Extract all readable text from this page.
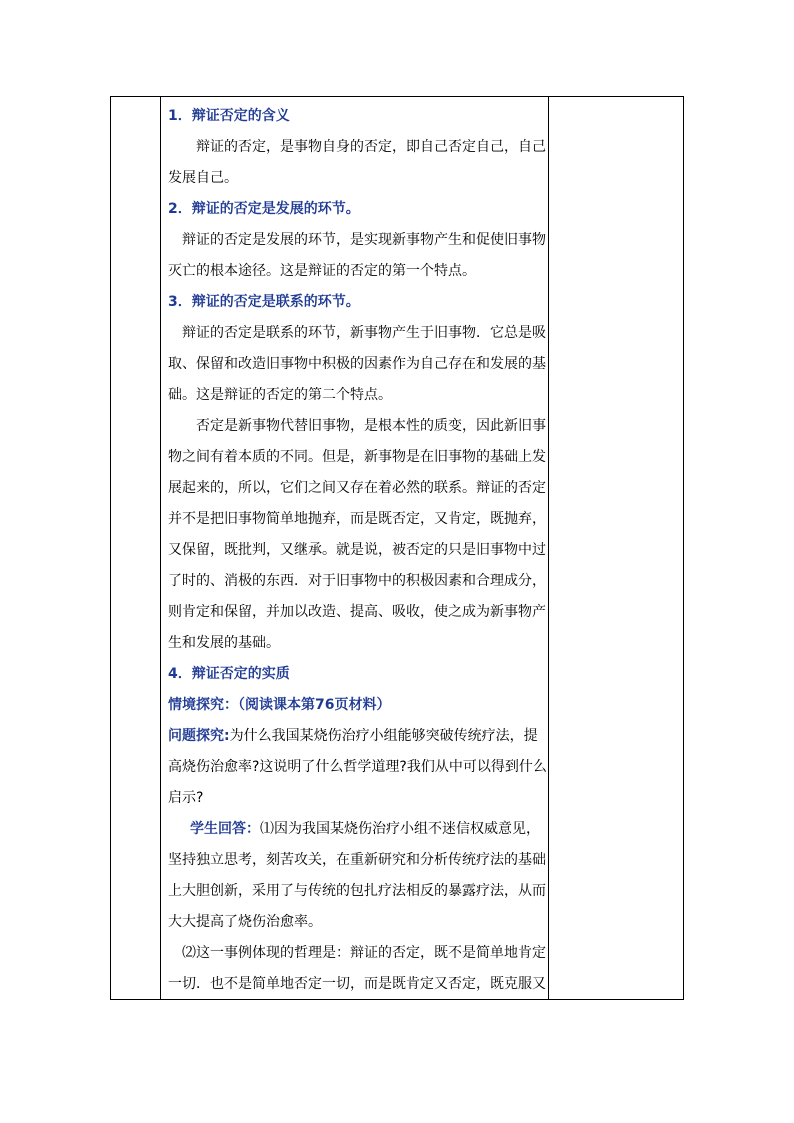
1．辩证否定的含义

辩证的否定，是事物自身的否定，即自己否定自己，自己发展自己。

2．辩证的否定是发展的环节。

辩证的否定是发展的环节，是实现新事物产生和促使旧事物灭亡的根本途径。这是辩证的否定的第一个特点。

3．辩证的否定是联系的环节。

辩证的否定是联系的环节，新事物产生于旧事物．它总是吸取、保留和改造旧事物中积极的因素作为自己存在和发展的基础。这是辩证的否定的第二个特点。

否定是新事物代替旧事物，是根本性的质变，因此新旧事物之间有着本质的不同。但是，新事物是在旧事物的基础上发展起来的，所以，它们之间又存在着必然的联系。辩证的否定并不是把旧事物简单地抛弃，而是既否定，又肯定，既抛弃，又保留，既批判，又继承。就是说，被否定的只是旧事物中过了时的、消极的东西．对于旧事物中的积极因素和合理成分，则肯定和保留，并加以改造、提高、吸收，使之成为新事物产生和发展的基础。

4．辩证否定的实质

情境探究：（阅读课本第76页材料）

问题探究:为什么我国某烧伤治疗小组能够突破传统疗法，提高烧伤治愈率?这说明了什么哲学道理?我们从中可以得到什么启示?

学生回答：⑴因为我国某烧伤治疗小组不迷信权威意见，坚持独立思考，刻苦攻关，在重新研究和分析传统疗法的基础上大胆创新，采用了与传统的包扎疗法相反的暴露疗法，从而大大提高了烧伤治愈率。

⑵这一事例体现的哲理是：辩证的否定，既不是简单地肯定一切．也不是简单地否定一切，而是既肯定又否定，既克服又
